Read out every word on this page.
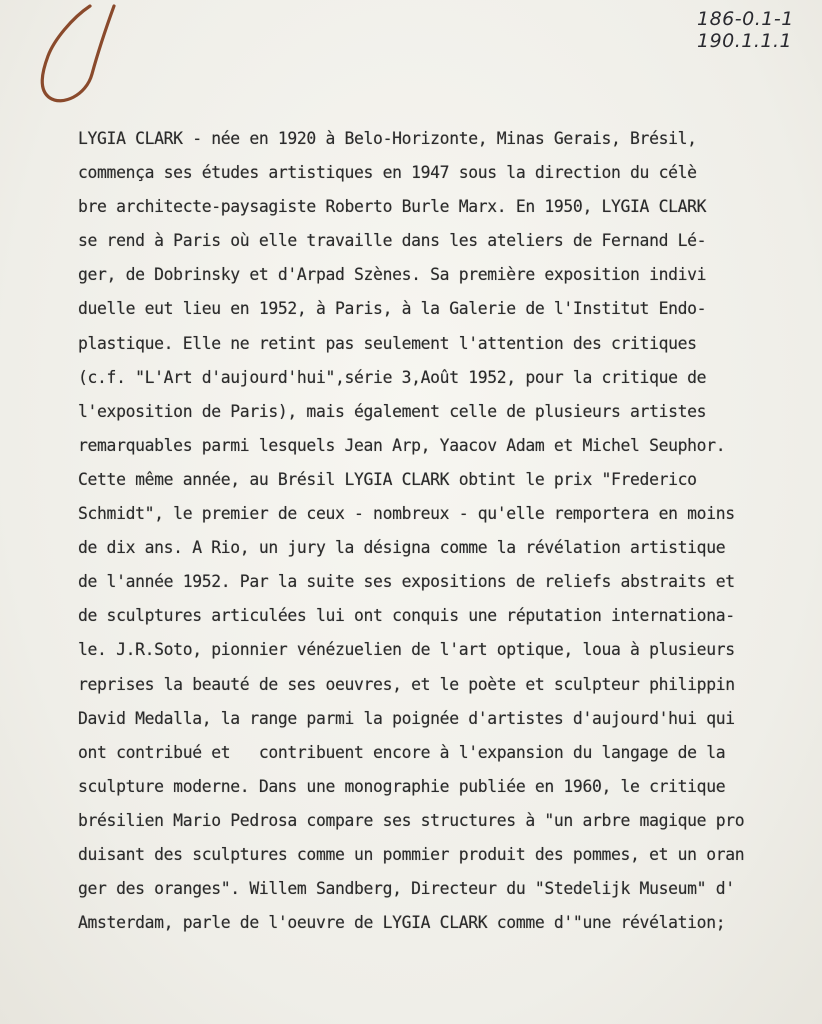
186-0.1-1
190.1.1.1
LYGIA CLARK - née en 1920 à Belo-Horizonte, Minas Gerais, Brésil,
commença ses études artistiques en 1947 sous la direction du célè
bre architecte-paysagiste Roberto Burle Marx. En 1950, LYGIA CLARK
se rend à Paris où elle travaille dans les ateliers de Fernand Lé-
ger, de Dobrinsky et d'Arpad Szènes. Sa première exposition indivi
duelle eut lieu en 1952, à Paris, à la Galerie de l'Institut Endo-
plastique. Elle ne retint pas seulement l'attention des critiques
(c.f. "L'Art d'aujourd'hui",série 3,Août 1952, pour la critique de
l'exposition de Paris), mais également celle de plusieurs artistes
remarquables parmi lesquels Jean Arp, Yaacov Adam et Michel Seuphor.
Cette même année, au Brésil LYGIA CLARK obtint le prix "Frederico
Schmidt", le premier de ceux - nombreux - qu'elle remportera en moins
de dix ans. A Rio, un jury la désigna comme la révélation artistique
de l'année 1952. Par la suite ses expositions de reliefs abstraits et
de sculptures articulées lui ont conquis une réputation internationa-
le. J.R.Soto, pionnier vénézuelien de l'art optique, loua à plusieurs
reprises la beauté de ses oeuvres, et le poète et sculpteur philippin
David Medalla, la range parmi la poignée d'artistes d'aujourd'hui qui
ont contribué et   contribuent encore à l'expansion du langage de la
sculpture moderne. Dans une monographie publiée en 1960, le critique
brésilien Mario Pedrosa compare ses structures à "un arbre magique pro
duisant des sculptures comme un pommier produit des pommes, et un oran
ger des oranges". Willem Sandberg, Directeur du "Stedelijk Museum" d'
Amsterdam, parle de l'oeuvre de LYGIA CLARK comme d'"une révélation;
